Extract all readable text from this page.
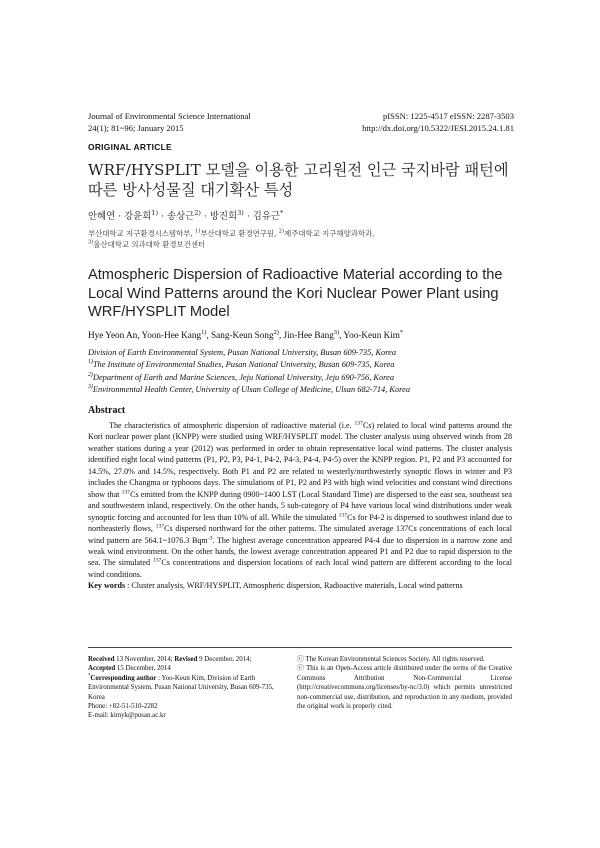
Journal of Environmental Science International
24(1); 81~96; January 2015
pISSN: 1225-4517 eISSN: 2287-3503
http://dx.doi.org/10.5322/JESI.2015.24.1.81
ORIGINAL ARTICLE
WRF/HYSPLIT 모델을 이용한 고리원전 인근 국지바람 패턴에
따른 방사성물질 대기확산 특성
안혜연 · 강윤희$^{1)}$ · 송상근$^{2)}$ · 방진희$^{3)}$ · 김유근*
부산대학교 지구환경시스템학부, $^{1)}$부산대학교 환경연구원, $^{2)}$제주대학교 지구해양과학과,
$^{3)}$울산대학교 의과대학 환경보건센터
Atmospheric Dispersion of Radioactive Material according to the Local Wind Patterns around the Kori Nuclear Power Plant using WRF/HYSPLIT Model
Hye Yeon An, Yoon-Hee Kang$^{1)}$, Sang-Keun Song$^{2)}$, Jin-Hee Bang$^{3)}$, Yoo-Keun Kim*
Division of Earth Environmental System, Pusan National University, Busan 609-735, Korea
$^{1)}$The Institute of Environmental Studies, Pusan National University, Busan 609-735, Korea
$^{2)}$Department of Earth and Marine Sciences, Jeju National University, Jeju 690-756, Korea
$^{3)}$Environmental Health Center, University of Ulsan College of Medicine, Ulsan 682-714, Korea
Abstract
The characteristics of atmospheric dispersion of radioactive material (i.e. $^{137}$Cs) related to local wind patterns around the Kori nuclear power plant (KNPP) were studied using WRF/HYSPLIT model. The cluster analysis using observed winds from 28 weather stations during a year (2012) was performed in order to obtain representative local wind patterns. The cluster analysis identified eight local wind patterns (P1, P2, P3, P4-1, P4-2, P4-3, P4-4, P4-5) over the KNPP region. P1, P2 and P3 accounted for 14.5%, 27.0% and 14.5%, respectively. Both P1 and P2 are related to westerly/northwesterly synoptic flows in winter and P3 includes the Changma or typhoons days. The simulations of P1, P2 and P3 with high wind velocities and constant wind directions show that $^{137}$Cs emitted from the KNPP during 0900~1400 LST (Local Standard Time) are dispersed to the east sea, southeast sea and southwestern inland, respectively. On the other hands, 5 sub-category of P4 have various local wind distributions under weak synoptic forcing and accounted for less than 10% of all. While the simulated $^{137}$Cs for P4-2 is dispersed to southwest inland due to northeasterly flows, $^{137}$Cs dispersed northward for the other patterns. The simulated average 137Cs concentrations of each local wind pattern are 564.1~1076.3 Bqm$^{-3}$. The highest average concentration appeared P4-4 due to dispersion in a narrow zone and weak wind environment. On the other hands, the lowest average concentration appeared P1 and P2 due to rapid dispersion to the sea. The simulated $^{137}$Cs concentrations and dispersion locations of each local wind pattern are different according to the local wind conditions.
Key words : Cluster analysis, WRF/HYSPLIT, Atmospheric dispersion, Radioactive materials, Local wind patterns
Received 13 November, 2014; Revised 9 December, 2014;
Accepted 15 December, 2014
*Corresponding author : Yoo-Keun Kim, Division of Earth Environmental System, Pusan National University, Busan 609-735, Korea
Phone: +82-51-510-2282
E-mail: kimyk@pusan.ac.kr
ⓒ The Korean Environmental Sciences Society. All rights reserved.
ⓒ This is an Open-Access article distributed under the terms of the Creative Commons Attribution Non-Commercial License (http://creativecommons.org/licenses/by-nc/3.0) which permits unrestricted non-commercial use, distribution, and reproduction in any medium, provided the original work is properly cited.
